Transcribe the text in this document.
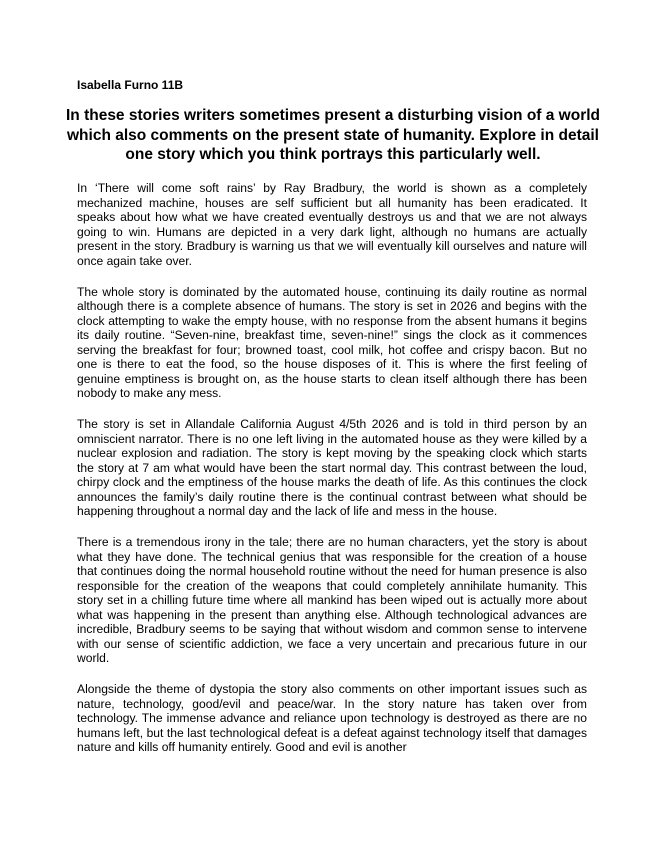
Isabella Furno 11B
In these stories writers sometimes present a disturbing vision of a world which also comments on the present state of humanity. Explore in detail one story which you think portrays this particularly well.

In ‘There will come soft rains’ by Ray Bradbury, the world is shown as a completely mechanized machine, houses are self sufficient but all humanity has been eradicated. It speaks about how what we have created eventually destroys us and that we are not always going to win. Humans are depicted in a very dark light, although no humans are actually present in the story. Bradbury is warning us that we will eventually kill ourselves and nature will once again take over.

The whole story is dominated by the automated house, continuing its daily routine as normal although there is a complete absence of humans. The story is set in 2026 and begins with the clock attempting to wake the empty house, with no response from the absent humans it begins its daily routine. “Seven-nine, breakfast time, seven-nine!” sings the clock as it commences serving the breakfast for four; browned toast, cool milk, hot coffee and crispy bacon. But no one is there to eat the food, so the house disposes of it. This is where the first feeling of genuine emptiness is brought on, as the house starts to clean itself although there has been nobody to make any mess.

The story is set in Allandale California August 4/5th 2026 and is told in third person by an omniscient narrator. There is no one left living in the automated house as they were killed by a nuclear explosion and radiation. The story is kept moving by the speaking clock which starts the story at 7 am what would have been the start normal day. This contrast between the loud, chirpy clock and the emptiness of the house marks the death of life. As this continues the clock announces the family’s daily routine there is the continual contrast between what should be happening throughout a normal day and the lack of life and mess in the house.

There is a tremendous irony in the tale; there are no human characters, yet the story is about what they have done. The technical genius that was responsible for the creation of a house that continues doing the normal household routine without the need for human presence is also responsible for the creation of the weapons that could completely annihilate humanity. This story set in a chilling future time where all mankind has been wiped out is actually more about what was happening in the present than anything else. Although technological advances are incredible, Bradbury seems to be saying that without wisdom and common sense to intervene with our sense of scientific addiction, we face a very uncertain and precarious future in our world.

Alongside the theme of dystopia the story also comments on other important issues such as nature, technology, good/evil and peace/war. In the story nature has taken over from technology. The immense advance and reliance upon technology is destroyed as there are no humans left, but the last technological defeat is a defeat against technology itself that damages nature and kills off humanity entirely. Good and evil is another
